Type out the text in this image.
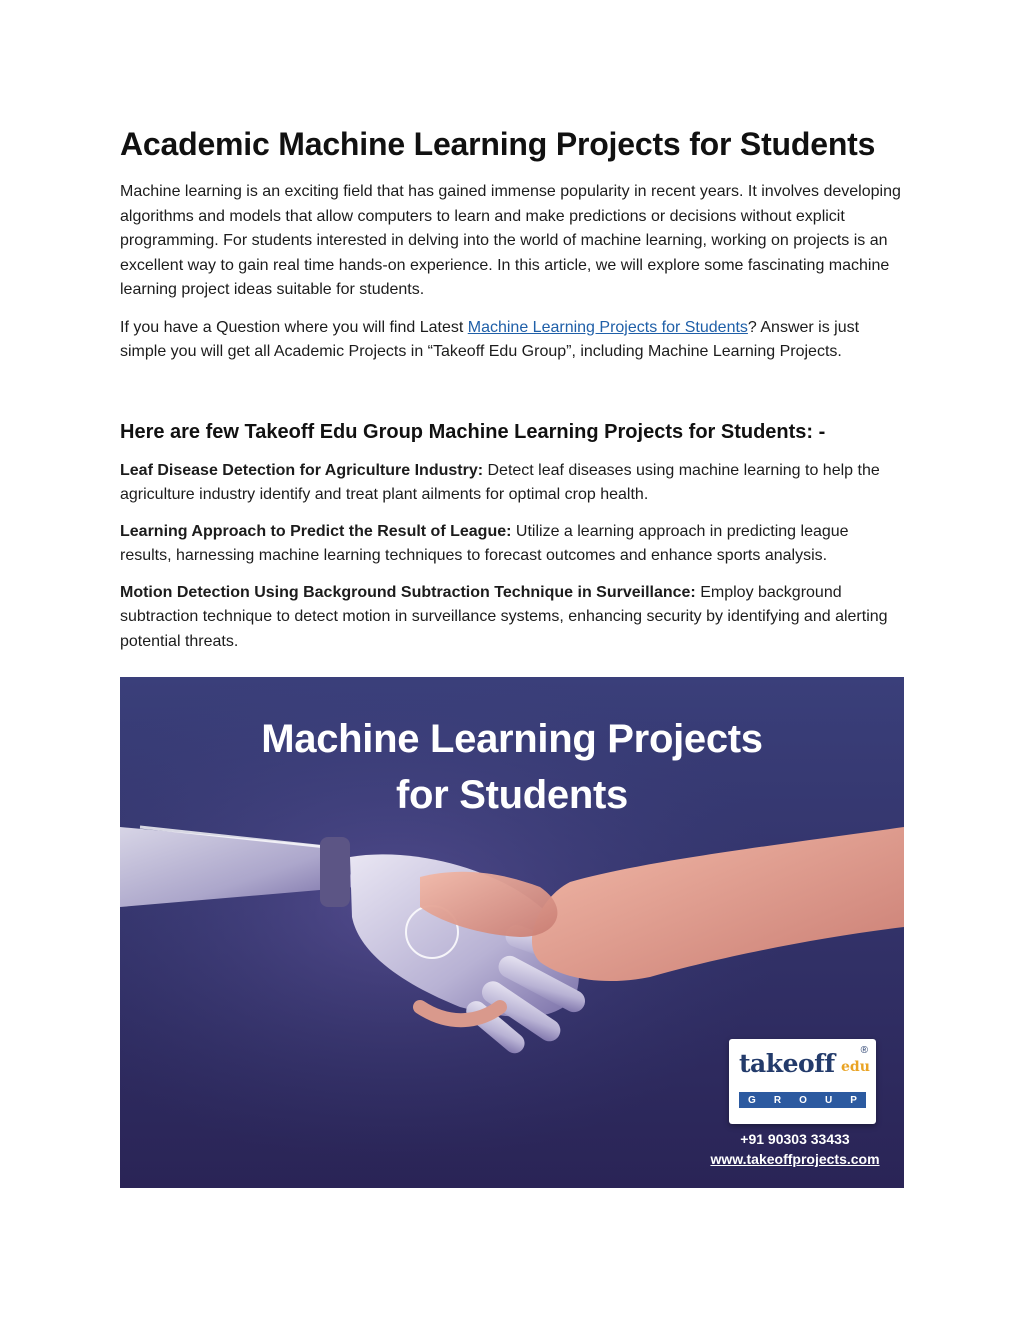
Academic Machine Learning Projects for Students

Machine learning is an exciting field that has gained immense popularity in recent years. It involves developing algorithms and models that allow computers to learn and make predictions or decisions without explicit programming. For students interested in delving into the world of machine learning, working on projects is an excellent way to gain real time hands-on experience. In this article, we will explore some fascinating machine learning project ideas suitable for students.

If you have a Question where you will find Latest Machine Learning Projects for Students? Answer is just simple you will get all Academic Projects in “Takeoff Edu Group”, including Machine Learning Projects.

Here are few Takeoff Edu Group Machine Learning Projects for Students: -

Leaf Disease Detection for Agriculture Industry: Detect leaf diseases using machine learning to help the agriculture industry identify and treat plant ailments for optimal crop health.

Learning Approach to Predict the Result of League: Utilize a learning approach in predicting league results, harnessing machine learning techniques to forecast outcomes and enhance sports analysis.

Motion Detection Using Background Subtraction Technique in Surveillance: Employ background subtraction technique to detect motion in surveillance systems, enhancing security by identifying and alerting potential threats.

Machine Learning Projects
for Students
takeoff edu
®
G R O U P
+91 90303 33433
www.takeoffprojects.com
